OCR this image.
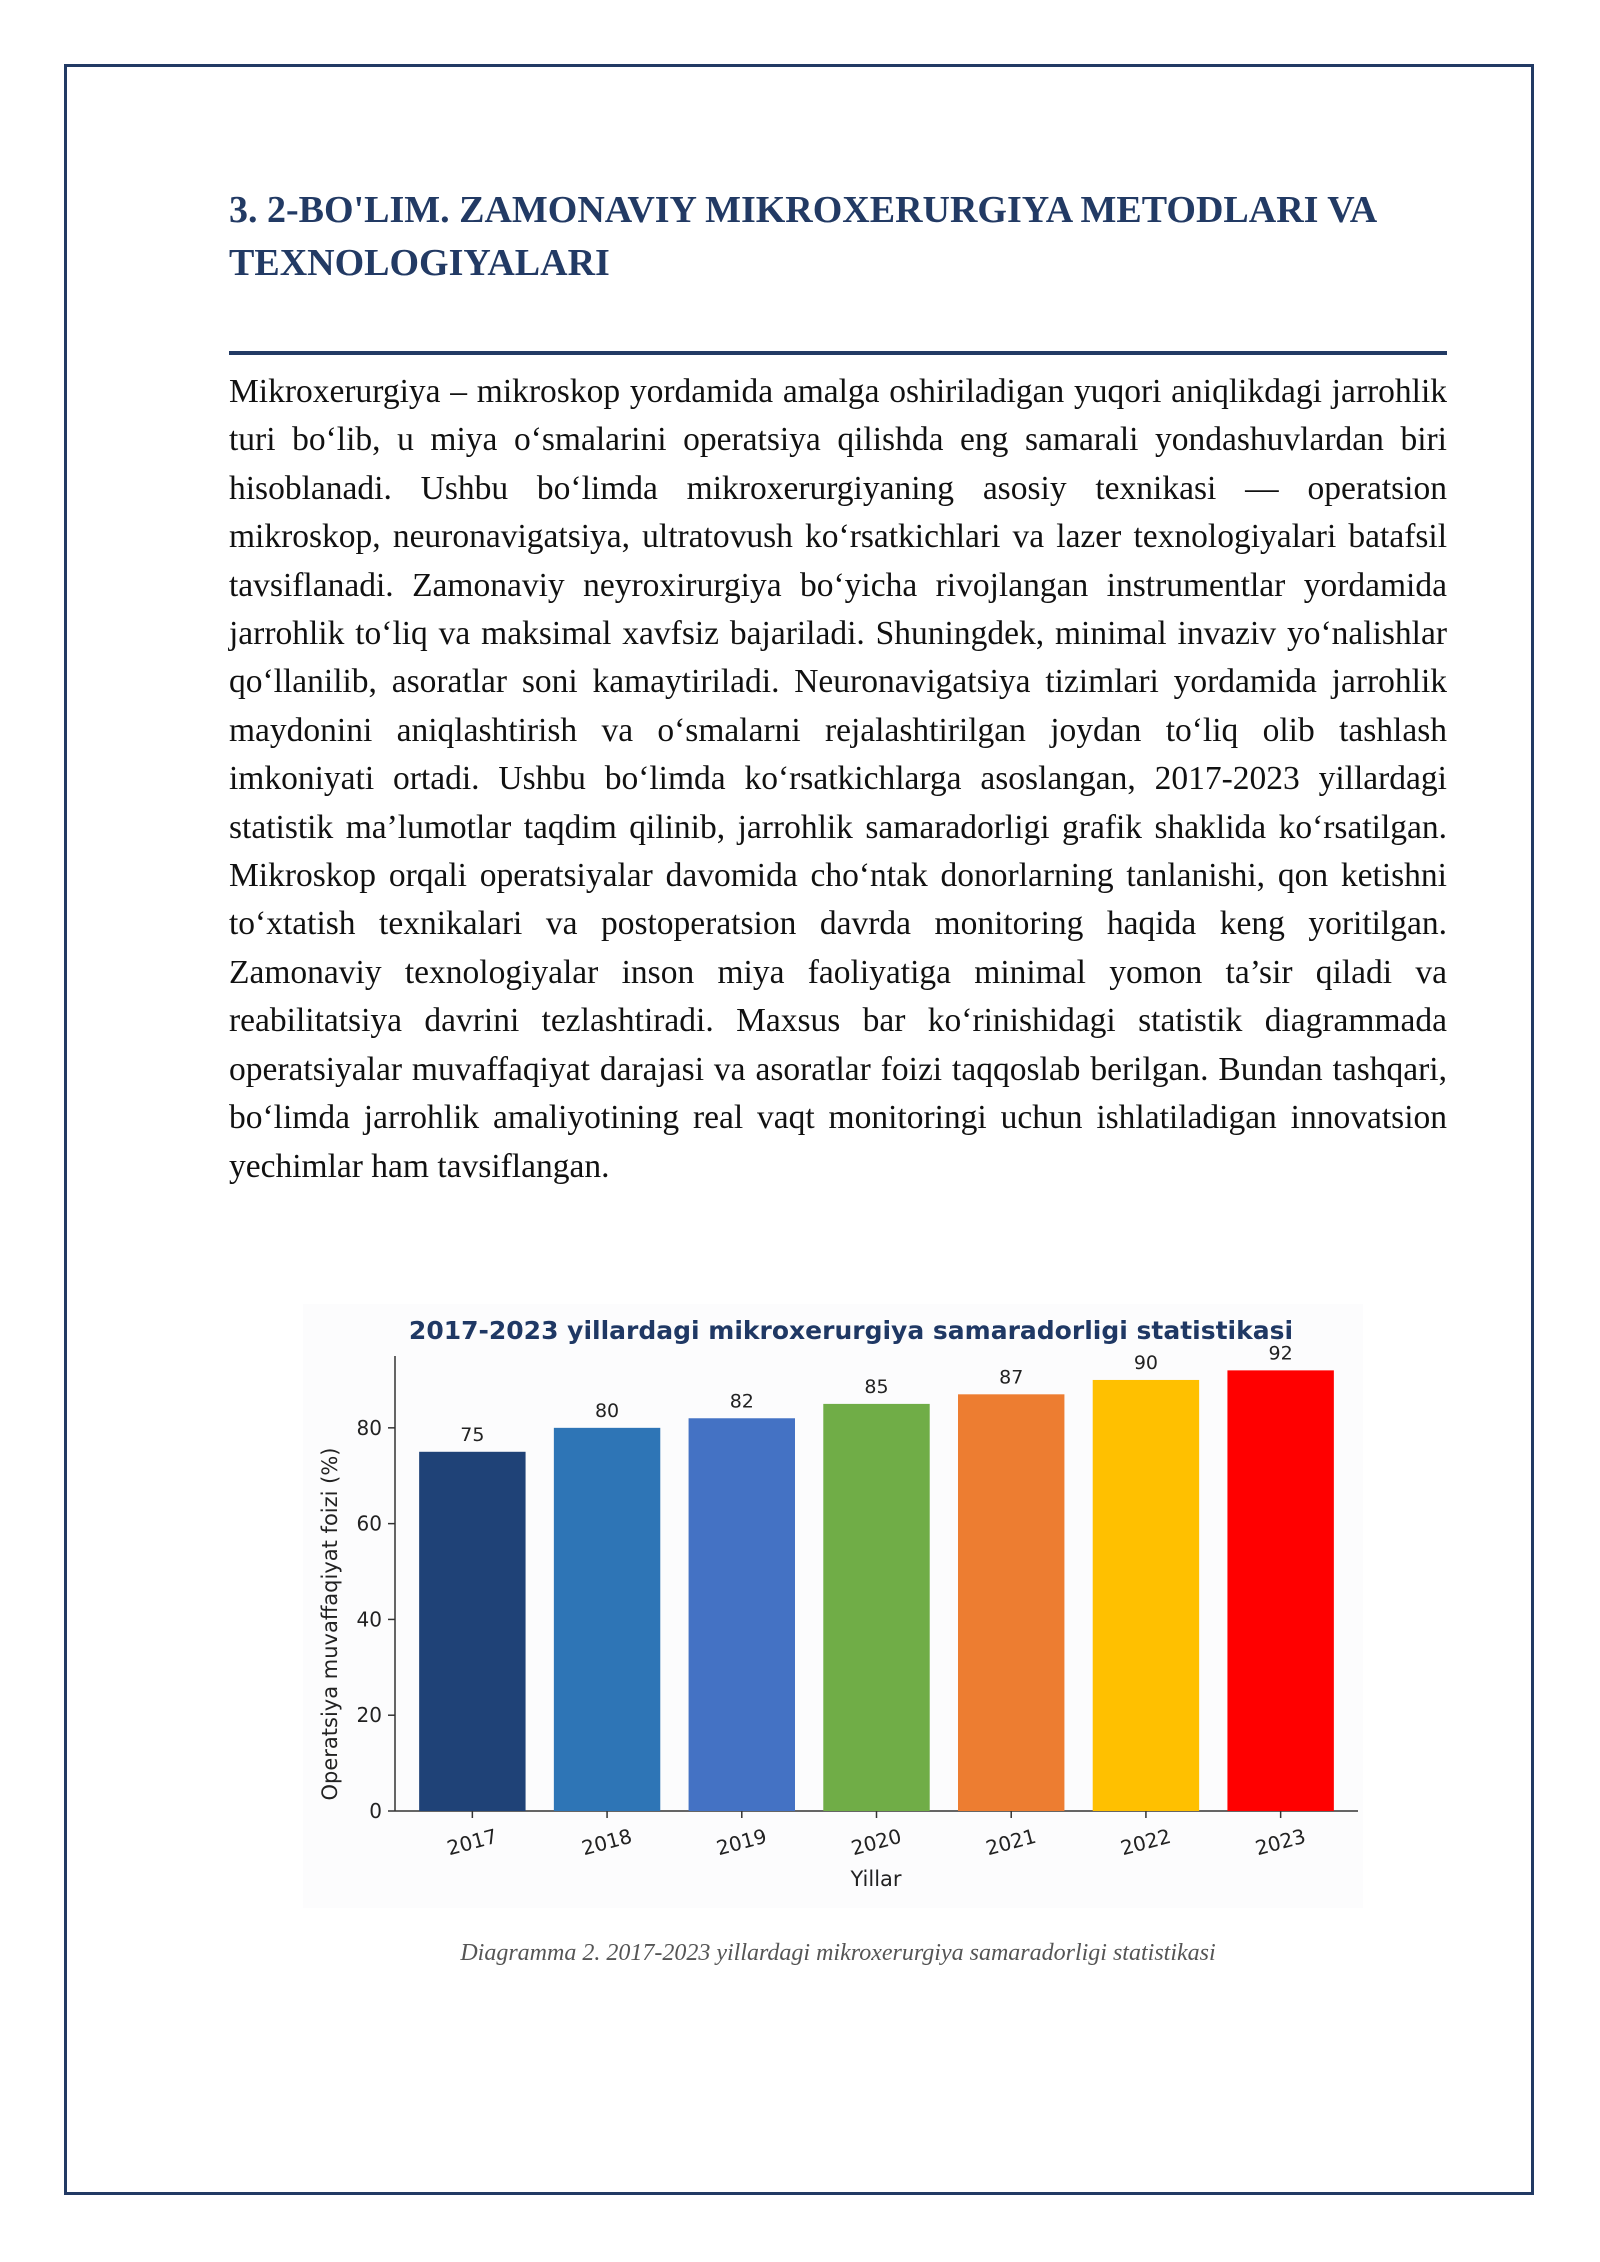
3. 2-BO'LIM. ZAMONAVIY MIKROXERURGIYA METODLARI VA TEXNOLOGIYALARI

Mikroxerurgiya – mikroskop yordamida amalga oshiriladigan yuqori aniqlikdagi jarrohlik turi bo‘lib, u miya o‘smalarini operatsiya qilishda eng samarali yondashuvlardan biri hisoblanadi. Ushbu bo‘limda mikroxerurgiyaning asosiy texnikasi — operatsion mikroskop, neuronavigatsiya, ultratovush ko‘rsatkichlari va lazer texnologiyalari batafsil tavsiflanadi. Zamonaviy neyroxirurgiya bo‘yicha rivojlangan instrumentlar yordamida jarrohlik to‘liq va maksimal xavfsiz bajariladi. Shuningdek, minimal invaziv yo‘nalishlar qo‘llanilib, asoratlar soni kamaytiriladi. Neuronavigatsiya tizimlari yordamida jarrohlik maydonini aniqlashtirish va o‘smalarni rejalashtirilgan joydan to‘liq olib tashlash imkoniyati ortadi. Ushbu bo‘limda ko‘rsatkichlarga asoslangan, 2017-2023 yillardagi statistik ma’lumotlar taqdim qilinib, jarrohlik samaradorligi grafik shaklida ko‘rsatilgan. Mikroskop orqali operatsiyalar davomida cho‘ntak donorlarning tanlanishi, qon ketishni to‘xtatish texnikalari va postoperatsion davrda monitoring haqida keng yoritilgan. Zamonaviy texnologiyalar inson miya faoliyatiga minimal yomon ta’sir qiladi va reabilitatsiya davrini tezlashtiradi. Maxsus bar ko‘rinishidagi statistik diagrammada operatsiyalar muvaffaqiyat darajasi va asoratlar foizi taqqoslab berilgan. Bundan tashqari, bo‘limda jarrohlik amaliyotining real vaqt monitoringi uchun ishlatiladigan innovatsion yechimlar ham tavsiflangan.

2017-2023 yillardagi mikroxerurgiya samaradorligi statistikasi
Operatsiya muvaffaqiyat foizi (%)
Yillar
0
20
40
60
80	75
2017
80
2018
82
2019
85
2020
87
2021
90
2022
92
2023
Diagramma 2. 2017-2023 yillardagi mikroxerurgiya samaradorligi statistikasi
